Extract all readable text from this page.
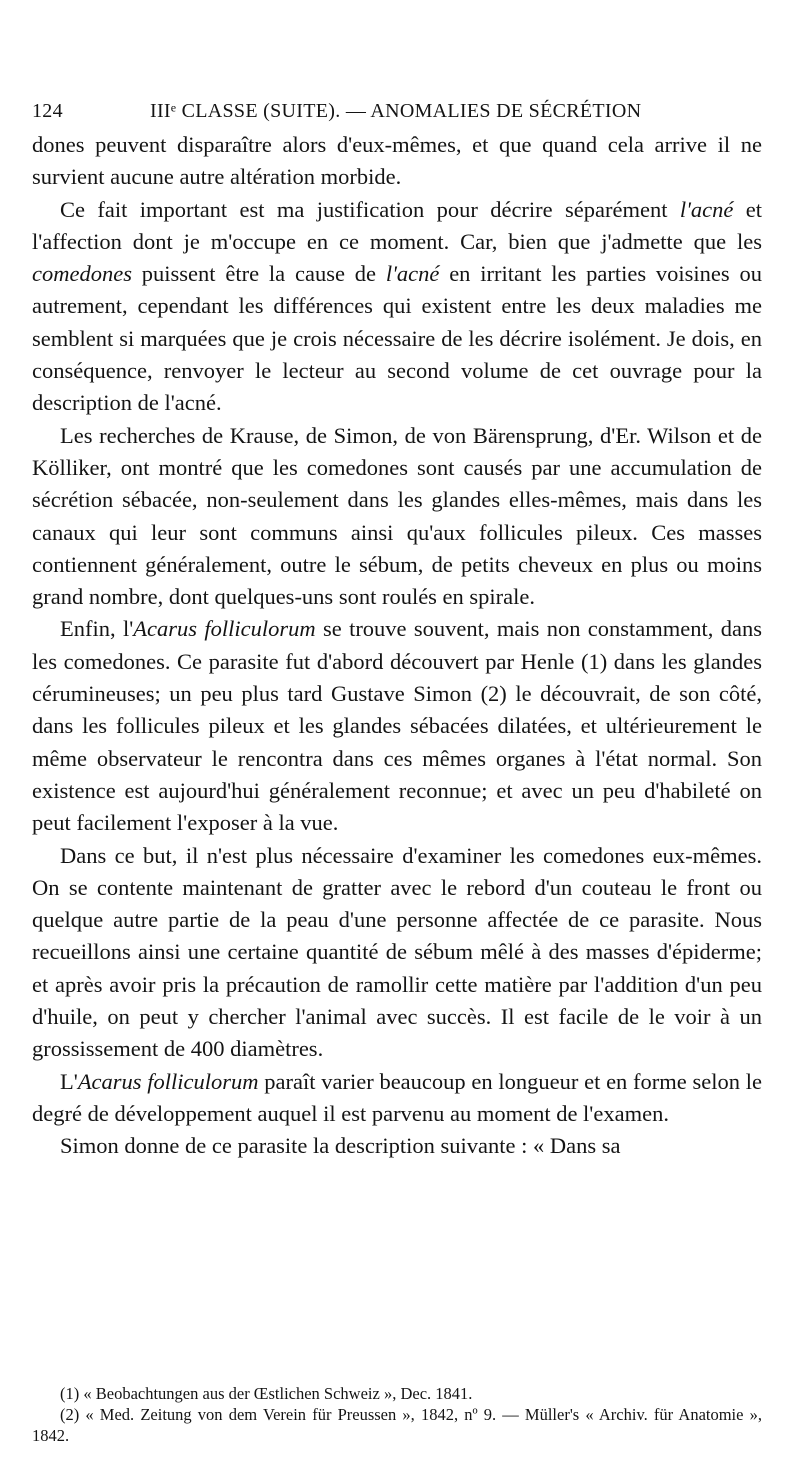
124	IIIᵉ CLASSE (SUITE). — ANOMALIES DE SÉCRÉTION

dones peuvent disparaître alors d'eux-mêmes, et que quand cela arrive il ne survient aucune autre altération morbide.

Ce fait important est ma justification pour décrire séparément l'acné et l'affection dont je m'occupe en ce moment. Car, bien que j'admette que les comedones puissent être la cause de l'acné en irritant les parties voisines ou autrement, cependant les différences qui existent entre les deux maladies me semblent si marquées que je crois nécessaire de les décrire isolément. Je dois, en conséquence, renvoyer le lecteur au second volume de cet ouvrage pour la description de l'acné.

Les recherches de Krause, de Simon, de von Bärensprung, d'Er. Wilson et de Kölliker, ont montré que les comedones sont causés par une accumulation de sécrétion sébacée, non-seulement dans les glandes elles-mêmes, mais dans les canaux qui leur sont communs ainsi qu'aux follicules pileux. Ces masses contiennent généralement, outre le sébum, de petits cheveux en plus ou moins grand nombre, dont quelques-uns sont roulés en spirale.

Enfin, l'Acarus folliculorum se trouve souvent, mais non constamment, dans les comedones. Ce parasite fut d'abord découvert par Henle (1) dans les glandes cérumineuses; un peu plus tard Gustave Simon (2) le découvrait, de son côté, dans les follicules pileux et les glandes sébacées dilatées, et ultérieurement le même observateur le rencontra dans ces mêmes organes à l'état normal. Son existence est aujourd'hui généralement reconnue; et avec un peu d'habileté on peut facilement l'exposer à la vue.

Dans ce but, il n'est plus nécessaire d'examiner les comedones eux-mêmes. On se contente maintenant de gratter avec le rebord d'un couteau le front ou quelque autre partie de la peau d'une personne affectée de ce parasite. Nous recueillons ainsi une certaine quantité de sébum mêlé à des masses d'épiderme; et après avoir pris la précaution de ramollir cette matière par l'addition d'un peu d'huile, on peut y chercher l'animal avec succès. Il est facile de le voir à un grossissement de 400 diamètres.

L'Acarus folliculorum paraît varier beaucoup en longueur et en forme selon le degré de développement auquel il est parvenu au moment de l'examen.

Simon donne de ce parasite la description suivante : « Dans sa

(1) « Beobachtungen aus der Œstlichen Schweiz », Dec. 1841.

(2) « Med. Zeitung von dem Verein für Preussen », 1842, nº 9. — Müller's « Archiv. für Anatomie », 1842.
